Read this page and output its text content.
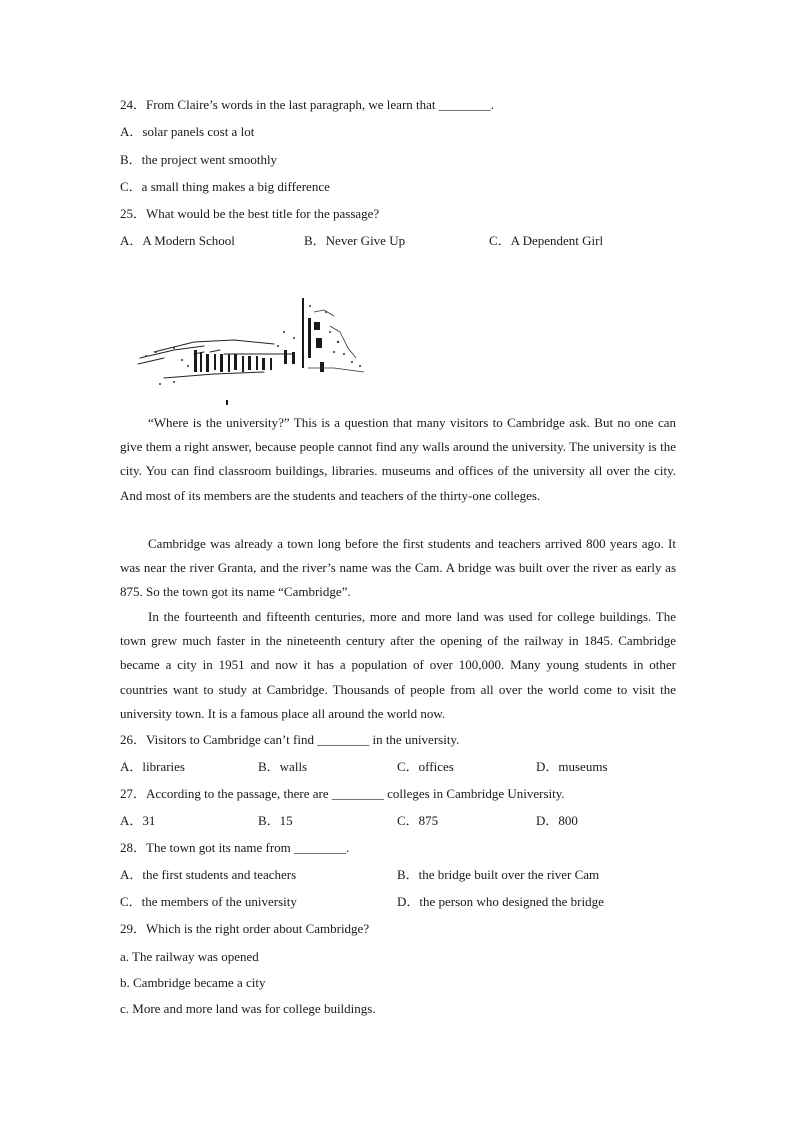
24．From Claire’s words in the last paragraph, we learn that ________.
A．solar panels cost a lot
B．the project went smoothly
C．a small thing makes a big difference
25．What would be the best title for the passage?
A．A Modern School	B．Never Give Up	C．A Dependent Girl

“Where is the university?” This is a question that many visitors to Cambridge ask. But no one can give them a right answer, because people cannot find any walls around the university. The university is the city. You can find classroom buildings, libraries. museums and offices of the university all over the city. And most of its members are the students and teachers of the thirty-one colleges.

Cambridge was already a town long before the first students and teachers arrived 800 years ago. It was near the river Granta, and the river’s name was the Cam. A bridge was built over the river as early as 875. So the town got its name “Cambridge”.

In the fourteenth and fifteenth centuries, more and more land was used for college buildings. The town grew much faster in the nineteenth century after the opening of the railway in 1845. Cambridge became a city in 1951 and now it has a population of over 100,000. Many young students in other countries want to study at Cambridge. Thousands of people from all over the world come to visit the university town. It is a famous place all around the world now.

26．Visitors to Cambridge can’t find ________ in the university.
A．libraries	B．walls	C．offices	D．museums
27．According to the passage, there are ________ colleges in Cambridge University.
A．31	B．15	C．875	D．800
28．The town got its name from ________.
A．the first students and teachers	B．the bridge built over the river Cam
C．the members of the university	D．the person who designed the bridge
29．Which is the right order about Cambridge?
a. The railway was opened
b. Cambridge became a city
c. More and more land was for college buildings.
